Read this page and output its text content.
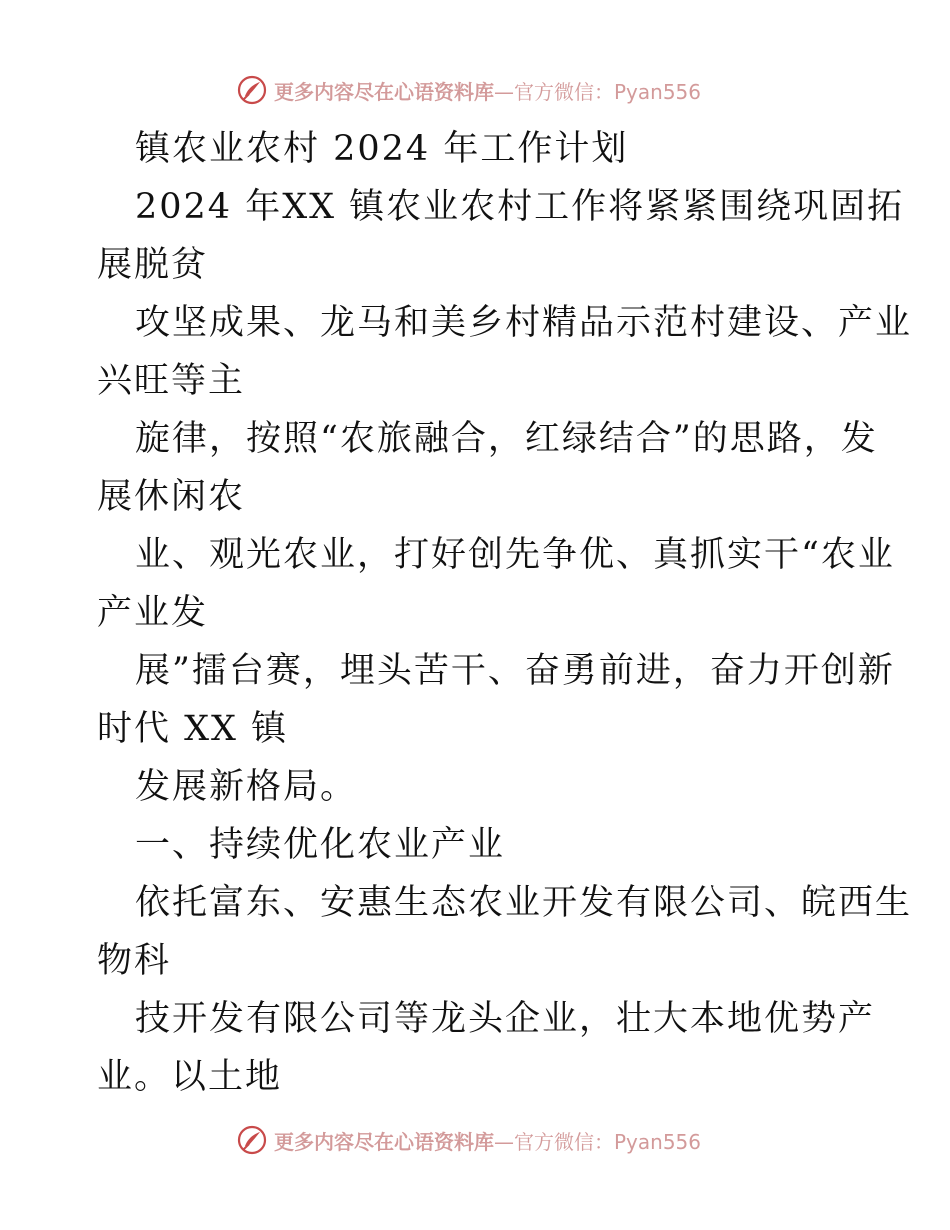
更多内容尽在心语资料库 —官方微信：Pyan556
镇农业农村 2024 年工作计划
2024 年XX 镇农业农村工作将紧紧围绕巩固拓
展脱贫
攻坚成果、龙马和美乡村精品示范村建设、产业
兴旺等主
旋律，按照“农旅融合，红绿结合”的思路，发
展休闲农
业、观光农业，打好创先争优、真抓实干“农业
产业发
展”擂台赛，埋头苦干、奋勇前进，奋力开创新
时代 XX 镇
发展新格局。
一、持续优化农业产业
依托富东、安惠生态农业开发有限公司、皖西生
物科
技开发有限公司等龙头企业，壮大本地优势产
业。以土地
更多内容尽在心语资料库 —官方微信：Pyan556
